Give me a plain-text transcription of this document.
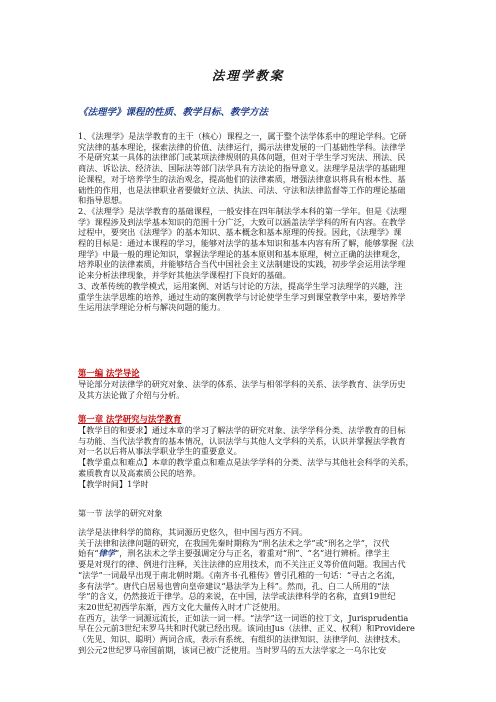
法理学教案
《法理学》课程的性质、教学目标、教学方法

1、《法理学》是法学教育的主干（核心）课程之一，属于整个法学体系中的理论学科。它研
究法律的基本理论，探索法律的价值、法律运行，揭示法律发展的一门基础性学科。法律学
不是研究某一具体的法律部门或某项法律规则的具体问题，但对于学生学习宪法、刑法、民
商法、诉讼法、经济法、国际法等部门法学具有方法论的指导意义。法理学是法学的基础理
论课程，对于培养学生的法治观念，提高他们的法律素质，增强法律意识将具有根本性、基
础性的作用，也是法律职业者要做好立法、执法、司法、守法和法律监督等工作的理论基础
和指导思想。

2、《法理学》是法学教育的基础课程，一般安排在四年制法学本科的第一学年。但是《法理
学》课程涉及到法学基本知识的范围十分广泛，大致可以涵盖法学学科的所有内容。在教学
过程中，要突出《法理学》的基本知识、基本概念和基本原理的传授。因此，《法理学》课
程的目标是：通过本课程的学习，能够对法学的基本知识和基本内容有所了解，能够掌握《法
理学》中最一般的理论知识，掌握法学理论的基本原则和基本原理，树立正确的法律观念，
培养职业的法律素质，并能够结合当代中国社会主义法制建设的实践，初步学会运用法学理
论来分析法律现象，并学好其他法学课程打下良好的基础。

3、改革传统的教学模式，运用案例、对话与讨论的方法，提高学生学习法理学的兴趣，注
重学生法学思维的培养，通过生动的案例教学与讨论使学生学习到课堂教学中来，要培养学
生运用法学理论分析与解决问题的能力。

第一编 法学导论
导论部分对法律学的研究对象、法学的体系、法学与相邻学科的关系、法学教育、法学历史
及其方法论做了介绍与分析。
第一章 法学研究与法学教育
【教学目的和要求】通过本章的学习了解法学的研究对象、法学学科分类、法学教育的目标
与功能、当代法学教育的基本情况，认识法学与其他人文学科的关系，认识并掌握法学教育
对一名以后将从事法学职业学生的重要意义。
【教学重点和难点】本章的教学重点和难点是法学学科的分类、法学与其他社会科学的关系，
素质教育以及高素质公民的培养。
【教学时间】1学时
第一节 法学的研究对象
法学是法律科学的简称，其词源历史悠久，但中国与西方不同。
关于法律和法律问题的研究，在我国先秦时期称为“刑名法术之学”或“刑名之学”，汉代
始有“律学”，刑名法术之学主要强调定分与正名，着重对“刑”、“名”进行辨析。律学主
要是对现行的律、例进行注释，关注法律的应用技术，而不关注正义等价值问题。我国古代
“法学”一词最早出现于南北朝时期。《南齐书·孔稚传》曾引孔稚的一句话：“寻古之名流，
多有法学”。唐代白居易也曾向皇帝建议“悬法学为上科”。然而，孔、白二人所用的“法
学”的含义，仍然接近于律学。总的来说，在中国，法学或法律科学的名称，直到19世纪
末20世纪初西学东渐，西方文化大量传入时才广泛使用。
在西方，法学一词源远流长，正如法一词一样。“法学”这一词语的拉丁文，Jurisprudentia
早在公元前3世纪末罗马共和时代就已经出现。该词由Jus（法律、正义、权利）和Providere
（先见、知识、聪明）两词合成，表示有系统、有组织的法律知识、法律学问、法律技术。
到公元2世纪罗马帝国前期，该词已被广泛使用。当时罗马的五大法学家之一乌尔比安
